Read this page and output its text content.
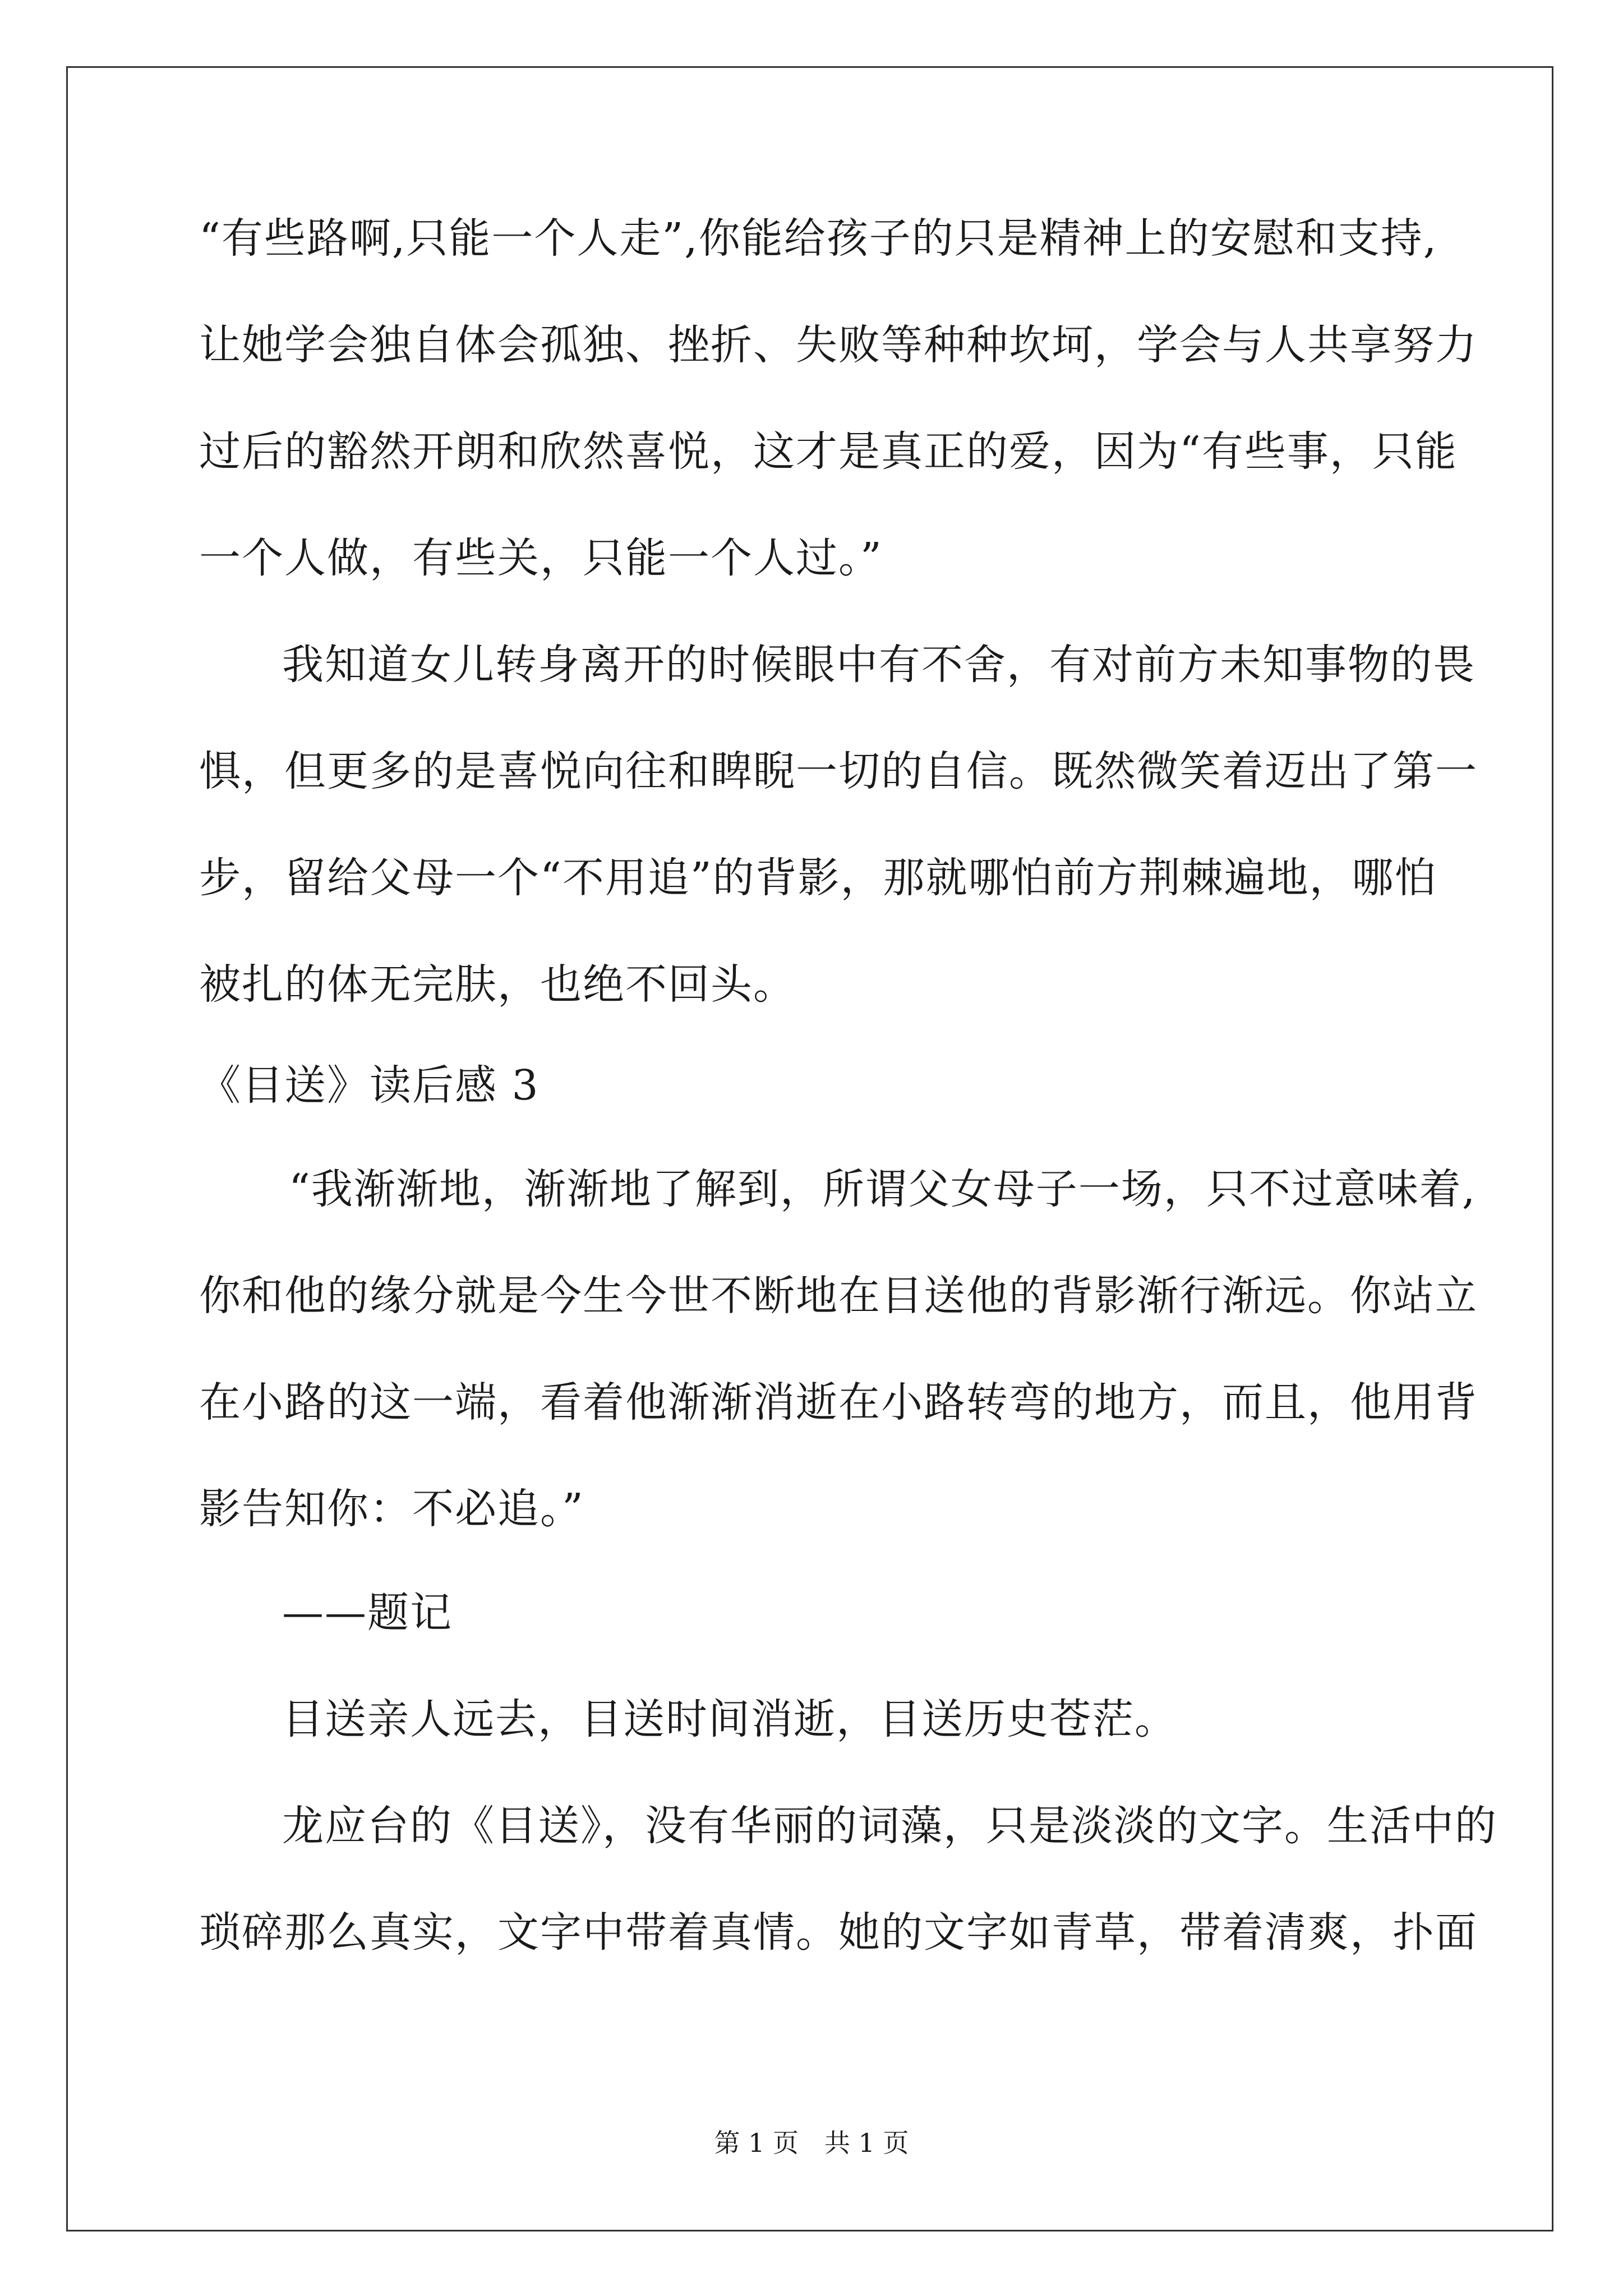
“有些路啊,只能一个人走”,你能给孩子的只是精神上的安慰和支持,
让她学会独自体会孤独、挫折、失败等种种坎坷，学会与人共享努力
过后的豁然开朗和欣然喜悦，这才是真正的爱，因为“有些事，只能
一个人做，有些关，只能一个人过。”
我知道女儿转身离开的时候眼中有不舍，有对前方未知事物的畏
惧，但更多的是喜悦向往和睥睨一切的自信。既然微笑着迈出了第一
步，留给父母一个“不用追”的背影，那就哪怕前方荆棘遍地，哪怕
被扎的体无完肤，也绝不回头。
《目送》读后感 3
“我渐渐地，渐渐地了解到，所谓父女母子一场，只不过意味着,
你和他的缘分就是今生今世不断地在目送他的背影渐行渐远。你站立
在小路的这一端，看着他渐渐消逝在小路转弯的地方，而且，他用背
影告知你：不必追。”
——题记
目送亲人远去，目送时间消逝，目送历史苍茫。
龙应台的《目送》，没有华丽的词藻，只是淡淡的文字。生活中的
琐碎那么真实，文字中带着真情。她的文字如青草，带着清爽，扑面
第 1 页　共 1 页
